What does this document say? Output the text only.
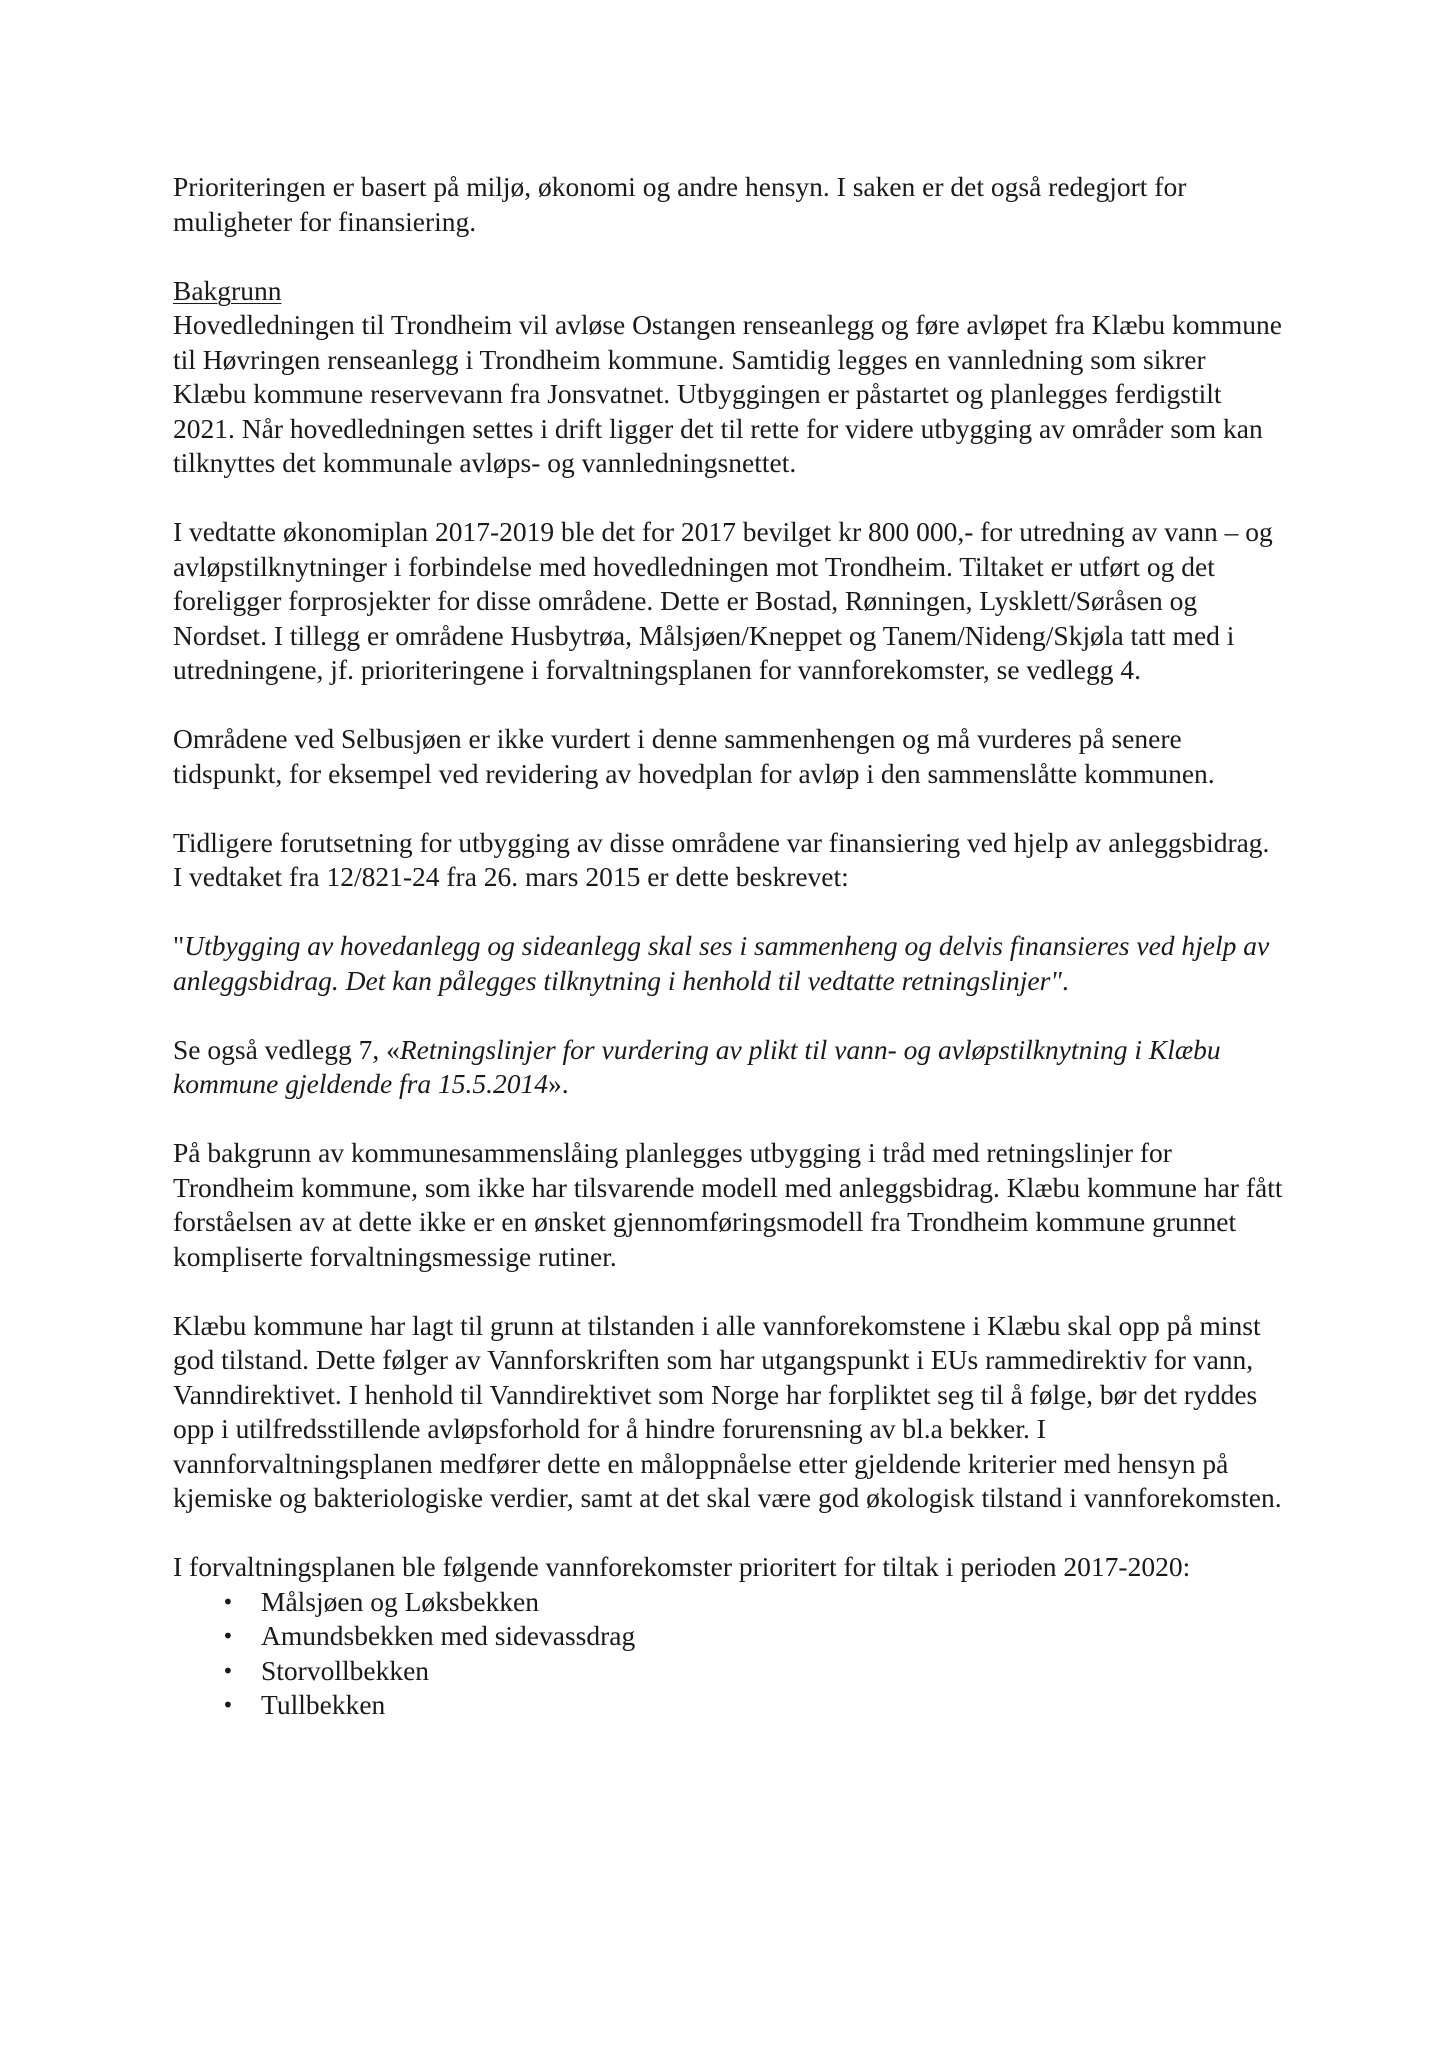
Prioriteringen er basert på miljø, økonomi og andre hensyn. I saken er det også redegjort for muligheter for finansiering.

Bakgrunn

Hovedledningen til Trondheim vil avløse Ostangen renseanlegg og føre avløpet fra Klæbu kommune til Høvringen renseanlegg i Trondheim kommune. Samtidig legges en vannledning som sikrer Klæbu kommune reservevann fra Jonsvatnet. Utbyggingen er påstartet og planlegges ferdigstilt 2021. Når hovedledningen settes i drift ligger det til rette for videre utbygging av områder som kan tilknyttes det kommunale avløps- og vannledningsnettet.

I vedtatte økonomiplan 2017-2019 ble det for 2017 bevilget kr 800 000,- for utredning av vann – og avløpstilknytninger i forbindelse med hovedledningen mot Trondheim. Tiltaket er utført og det foreligger forprosjekter for disse områdene. Dette er Bostad, Rønningen, Lysklett/Søråsen og Nordset. I tillegg er områdene Husbytrøa, Målsjøen/Kneppet og Tanem/Nideng/Skjøla tatt med i utredningene, jf. prioriteringene i forvaltningsplanen for vannforekomster, se vedlegg 4.

Områdene ved Selbusjøen er ikke vurdert i denne sammenhengen og må vurderes på senere tidspunkt, for eksempel ved revidering av hovedplan for avløp i den sammenslåtte kommunen.

Tidligere forutsetning for utbygging av disse områdene var finansiering ved hjelp av anleggsbidrag. I vedtaket fra 12/821-24 fra 26. mars 2015 er dette beskrevet:

"Utbygging av hovedanlegg og sideanlegg skal ses i sammenheng og delvis finansieres ved hjelp av anleggsbidrag. Det kan pålegges tilknytning i henhold til vedtatte retningslinjer".

Se også vedlegg 7, «Retningslinjer for vurdering av plikt til vann- og avløpstilknytning i Klæbu kommune gjeldende fra 15.5.2014».

På bakgrunn av kommunesammenslåing planlegges utbygging i tråd med retningslinjer for Trondheim kommune, som ikke har tilsvarende modell med anleggsbidrag. Klæbu kommune har fått forståelsen av at dette ikke er en ønsket gjennomføringsmodell fra Trondheim kommune grunnet kompliserte forvaltningsmessige rutiner.

Klæbu kommune har lagt til grunn at tilstanden i alle vannforekomstene i Klæbu skal opp på minst god tilstand. Dette følger av Vannforskriften som har utgangspunkt i EUs rammedirektiv for vann, Vanndirektivet. I henhold til Vanndirektivet som Norge har forpliktet seg til å følge, bør det ryddes opp i utilfredsstillende avløpsforhold for å hindre forurensning av bl.a bekker. I vannforvaltningsplanen medfører dette en måloppnåelse etter gjeldende kriterier med hensyn på kjemiske og bakteriologiske verdier, samt at det skal være god økologisk tilstand i vannforekomsten.

I forvaltningsplanen ble følgende vannforekomster prioritert for tiltak i perioden 2017-2020:

• Målsjøen og Løksbekken
• Amundsbekken med sidevassdrag
• Storvollbekken
• Tullbekken
